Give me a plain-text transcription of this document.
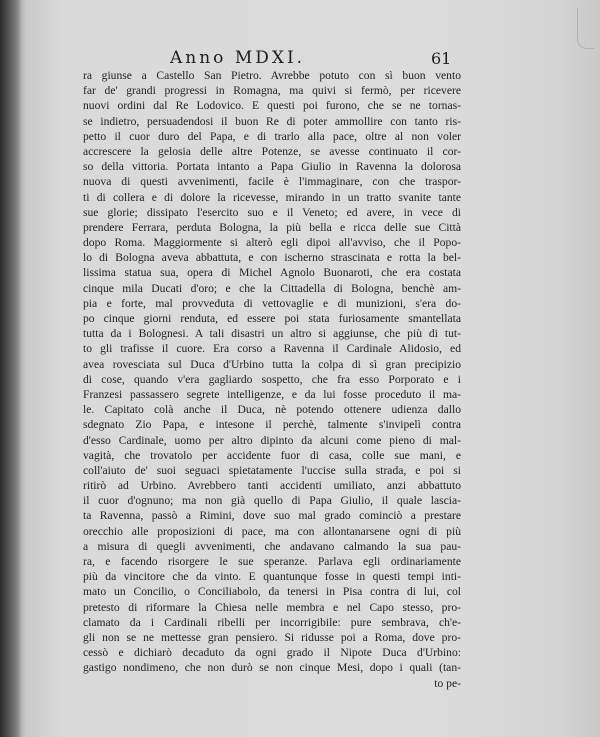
Anno MDXI.	61
ra giunse a Castello San Pietro. Avrebbe potuto con sì buon vento
far de' grandi progressi in Romagna, ma quivi si fermò, per ricevere
nuovi ordini dal Re Lodovico. E questi poi furono, che se ne tornas-
se indietro, persuadendosi il buon Re di poter ammollire con tanto ris-
petto il cuor duro del Papa, e di trarlo alla pace, oltre al non voler
accrescere la gelosia delle altre Potenze, se avesse continuato il cor-
so della vittoria. Portata intanto a Papa Giulio in Ravenna la dolorosa
nuova di questi avvenimenti, facile è l'immaginare, con che traspor-
ti di collera e di dolore la ricevesse, mirando in un tratto svanite tante
sue glorie; dissipato l'esercito suo e il Veneto; ed avere, in vece di
prendere Ferrara, perduta Bologna, la più bella e ricca delle sue Città
dopo Roma. Maggiormente si alterò egli dipoi all'avviso, che il Popo-
lo di Bologna aveva abbattuta, e con ischerno strascinata e rotta la bel-
lissima statua sua, opera di Michel Agnolo Buonaroti, che era costata
cinque mila Ducati d'oro; e che la Cittadella di Bologna, benchè am-
pia e forte, mal provveduta di vettovaglie e di munizioni, s'era do-
po cinque giorni renduta, ed essere poi stata furiosamente smantellata
tutta da i Bolognesi. A tali disastri un altro si aggiunse, che più di tut-
to gli trafisse il cuore. Era corso a Ravenna il Cardinale Alidosio, ed
avea rovesciata sul Duca d'Urbino tutta la colpa di sì gran precipizio
di cose, quando v'era gagliardo sospetto, che fra esso Porporato e i
Franzesi passassero segrete intelligenze, e da lui fosse proceduto il ma-
le. Capitato colà anche il Duca, nè potendo ottenere udienza dallo
sdegnato Zio Papa, e intesone il perchè, talmente s'invipelì contra
d'esso Cardinale, uomo per altro dipinto da alcuni come pieno di mal-
vagità, che trovatolo per accidente fuor di casa, colle sue mani, e
coll'aiuto de' suoi seguaci spietatamente l'uccise sulla strada, e poi si
ritirò ad Urbino. Avrebbero tanti accidenti umiliato, anzi abbattuto
il cuor d'ognuno; ma non già quello di Papa Giulio, il quale lascia-
ta Ravenna, passò a Rimini, dove suo mal grado cominciò a prestare
orecchio alle proposizioni di pace, ma con allontanarsene ogni di più
a misura di quegli avvenimenti, che andavano calmando la sua pau-
ra, e facendo risorgere le sue speranze. Parlava egli ordinariamente
più da vincitore che da vinto. E quantunque fosse in questi tempi inti-
mato un Concilio, o Conciliabolo, da tenersi in Pisa contra di lui, col
pretesto di riformare la Chiesa nelle membra e nel Capo stesso, pro-
clamato da i Cardinali ribelli per incorrigibile: pure sembrava, ch'e-
gli non se ne mettesse gran pensiero. Si ridusse poi a Roma, dove pro-
cessò e dichiarò decaduto da ogni grado il Nipote Duca d'Urbino:
gastigo nondimeno, che non durò se non cinque Mesi, dopo i quali (tan-
to pe-
